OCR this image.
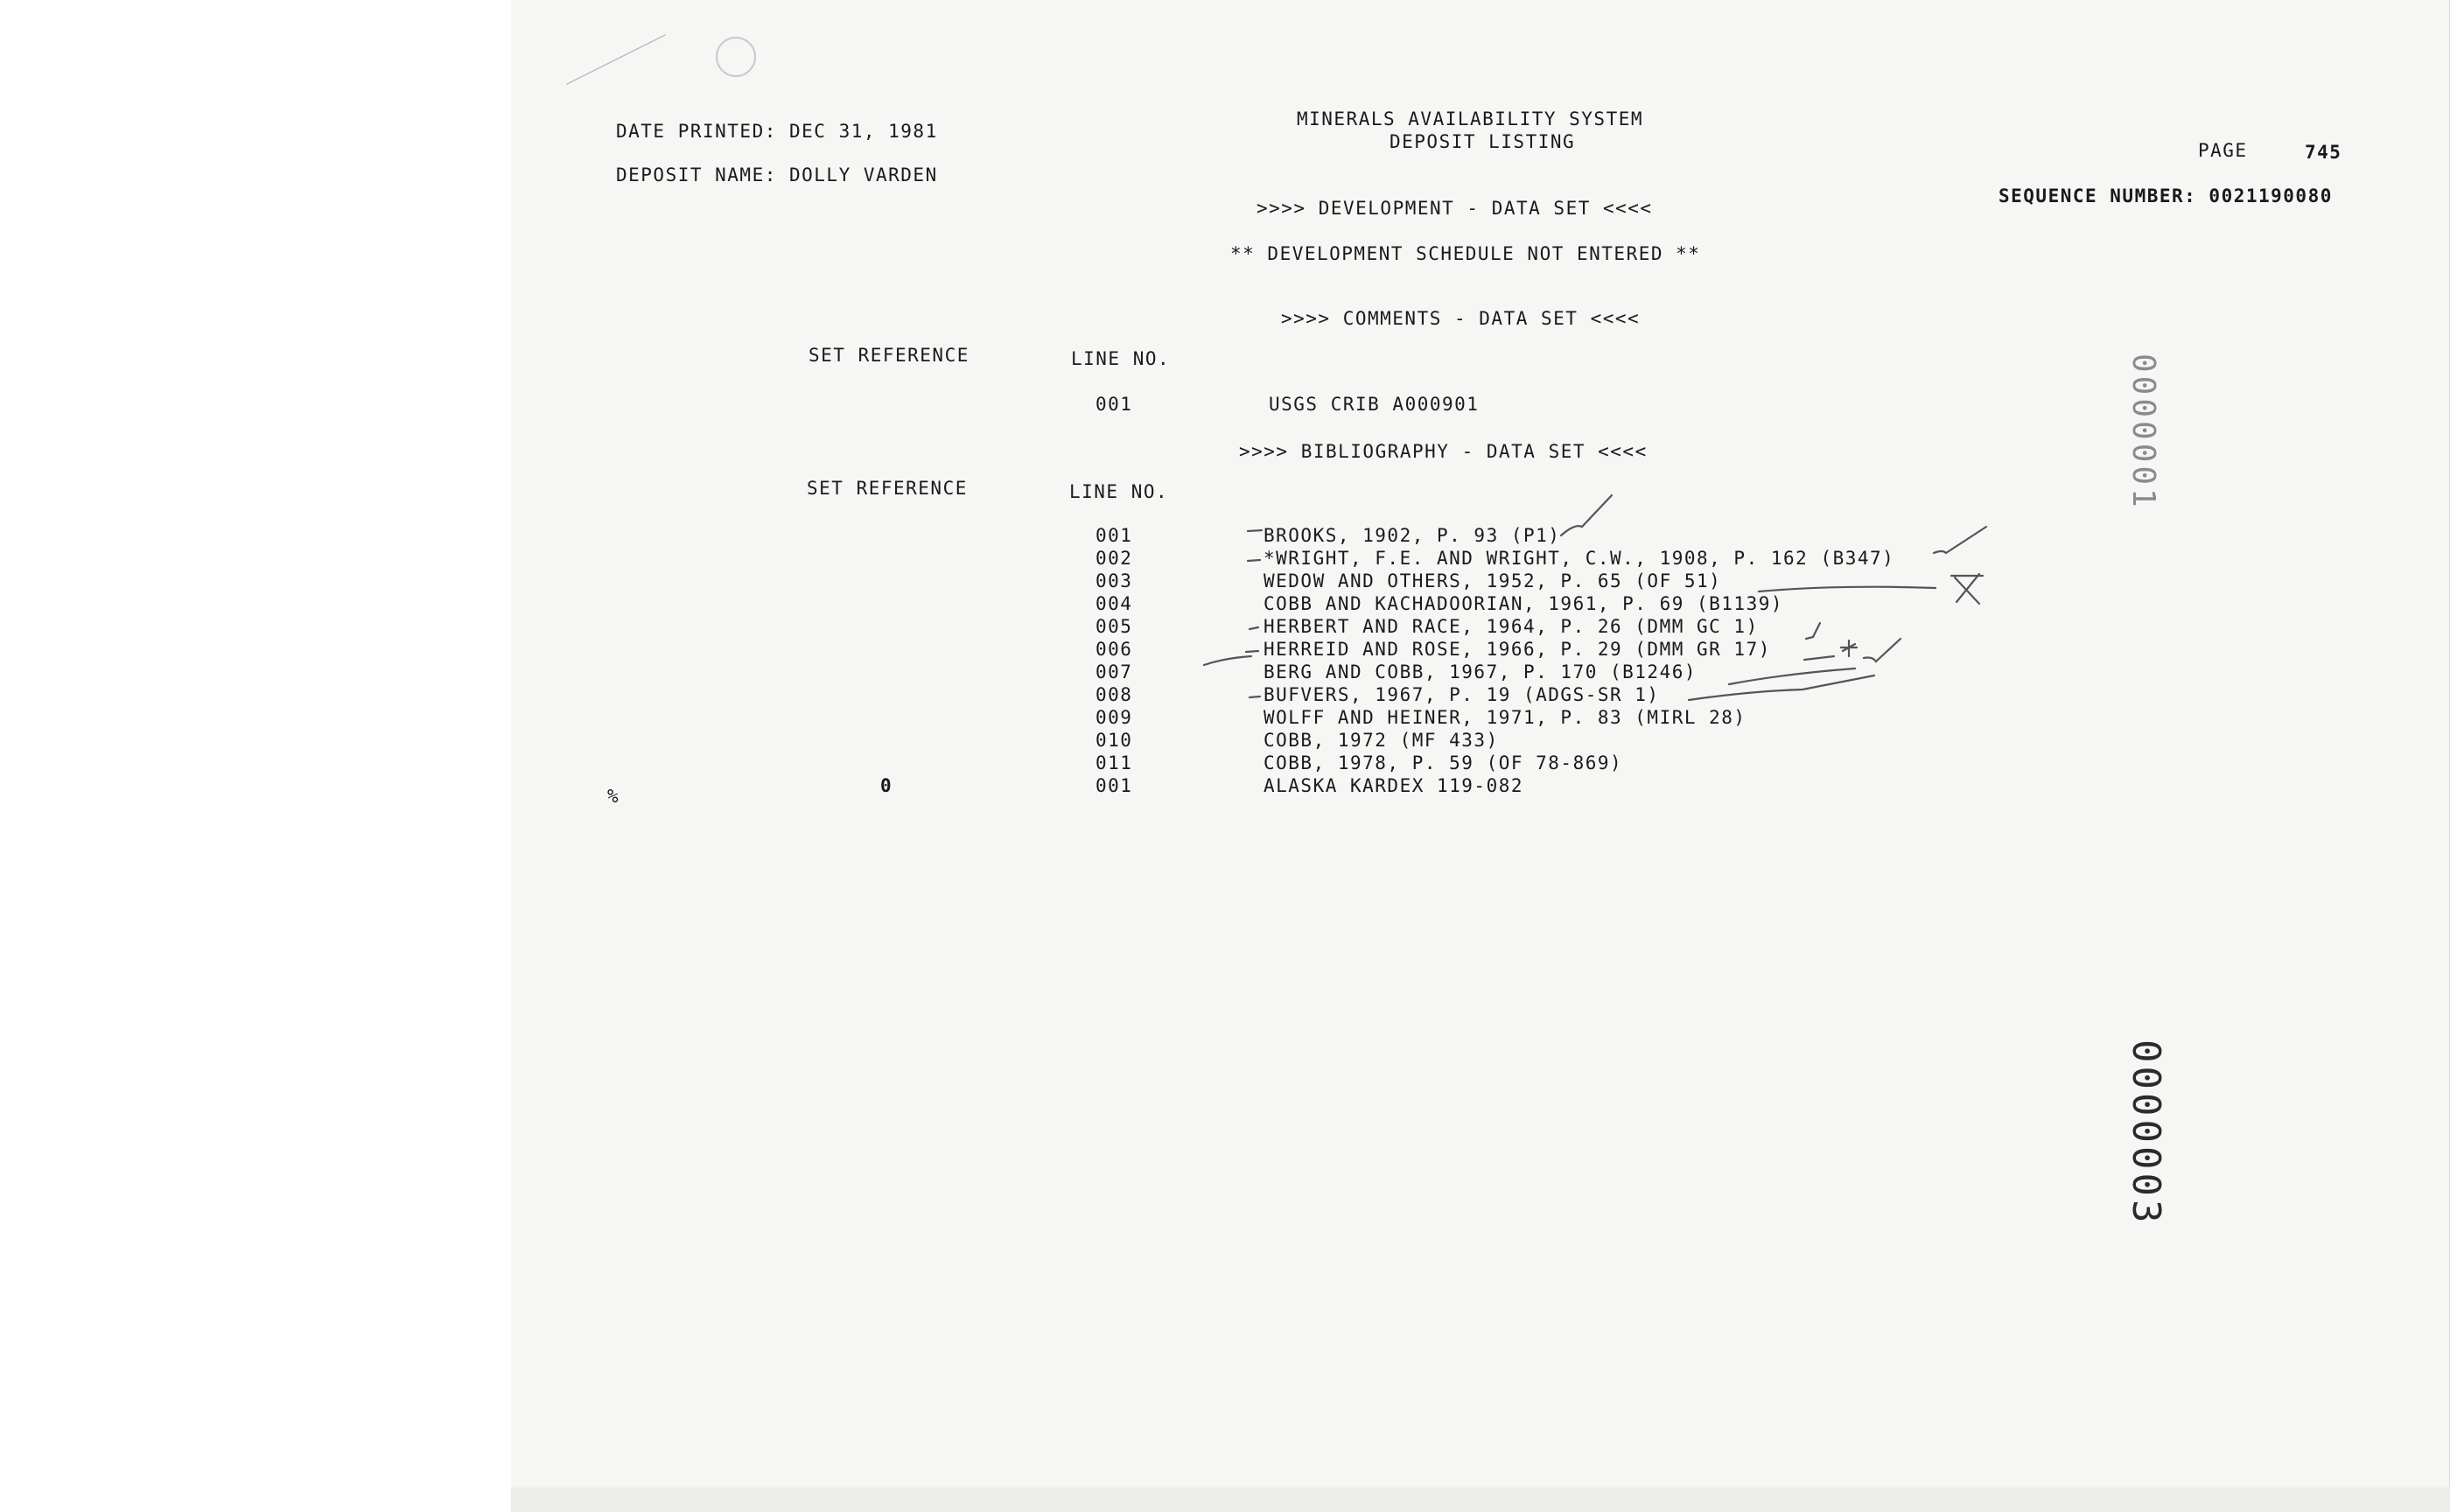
DATE PRINTED: DEC 31, 1981
DEPOSIT NAME: DOLLY VARDEN
MINERALS AVAILABILITY SYSTEM
DEPOSIT LISTING	PAGE	745
SEQUENCE NUMBER: 0021190080
>>>> DEVELOPMENT - DATA SET <<<<
** DEVELOPMENT SCHEDULE NOT ENTERED **
>>>> COMMENTS - DATA SET <<<<
SET REFERENCE	LINE NO.
001	USGS CRIB A000901
>>>> BIBLIOGRAPHY - DATA SET <<<<
SET REFERENCE	LINE NO.
001	BROOKS, 1902, P. 93 (P1)
002	*WRIGHT, F.E. AND WRIGHT, C.W., 1908, P. 162 (B347)
003	WEDOW AND OTHERS, 1952, P. 65 (OF 51)
004	COBB AND KACHADOORIAN, 1961, P. 69 (B1139)
005	HERBERT AND RACE, 1964, P. 26 (DMM GC 1)
006	HERREID AND ROSE, 1966, P. 29 (DMM GR 17)
007	BERG AND COBB, 1967, P. 170 (B1246)
008	BUFVERS, 1967, P. 19 (ADGS-SR 1)
009	WOLFF AND HEINER, 1971, P. 83 (MIRL 28)
010	COBB, 1972 (MF 433)
011	COBB, 1978, P. 59 (OF 78-869)
%	0	001	ALASKA KARDEX 119-082
0000001
0000003
